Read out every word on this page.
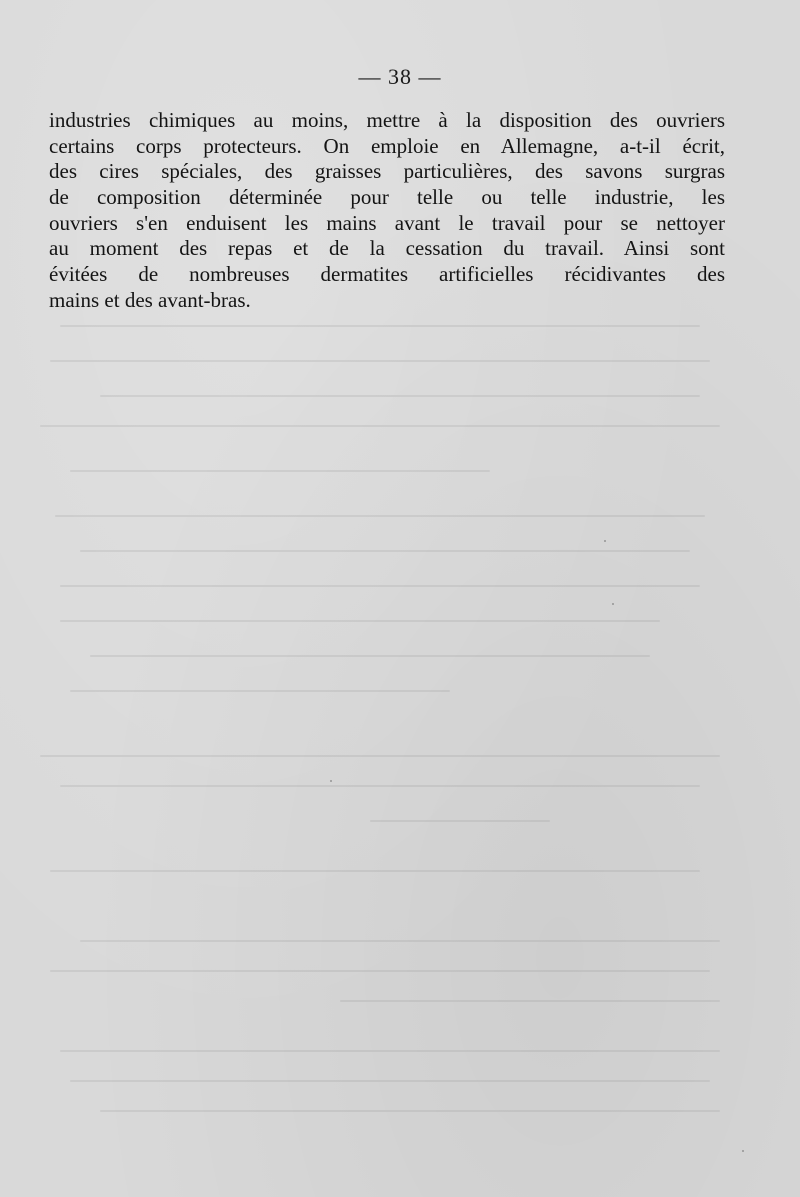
— 38 —
industries chimiques au moins, mettre à la disposition des ouvriers
certains corps protecteurs. On emploie en Allemagne, a-t-il écrit,
des cires spéciales, des graisses particulières, des savons surgras
de composition déterminée pour telle ou telle industrie, les
ouvriers s'en enduisent les mains avant le travail pour se nettoyer
au moment des repas et de la cessation du travail. Ainsi sont
évitées de nombreuses dermatites artificielles récidivantes des
mains et des avant-bras.
